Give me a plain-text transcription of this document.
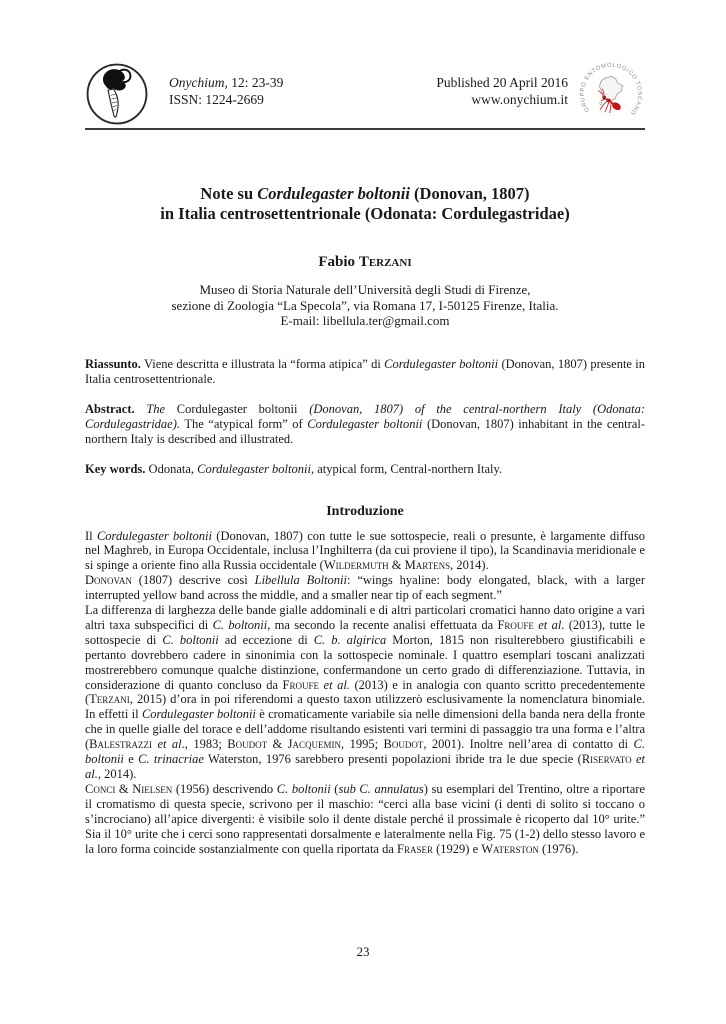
Onychium, 12: 23-39
ISSN: 1224-2669
Published 20 April 2016
www.onychium.it
GRUPPO ENTOMOLOGICO TOSCANO
Note su Cordulegaster boltonii (Donovan, 1807)
in Italia centrosettentrionale (Odonata: Cordulegastridae)
Fabio Terzani
Museo di Storia Naturale dell’Università degli Studi di Firenze,
sezione di Zoologia “La Specola”, via Romana 17, I-50125 Firenze, Italia.
E-mail: libellula.ter@gmail.com
Riassunto. Viene descritta e illustrata la “forma atipica” di Cordulegaster boltonii (Donovan, 1807) presente in Italia centrosettentrionale.
Abstract. The Cordulegaster boltonii (Donovan, 1807) of the central-northern Italy (Odonata: Cordulegastridae). The “atypical form” of Cordulegaster boltonii (Donovan, 1807) inhabitant in the central-northern Italy is described and illustrated.
Key words. Odonata, Cordulegaster boltonii, atypical form, Central-northern Italy.
Introduzione

Il Cordulegaster boltonii (Donovan, 1807) con tutte le sue sottospecie, reali o presunte, è largamente diffuso nel Maghreb, in Europa Occidentale, inclusa l’Inghilterra (da cui proviene il tipo), la Scandinavia meridionale e si spinge a oriente fino alla Russia occidentale (Wildermuth & Martens, 2014).

Donovan (1807) descrive così Libellula Boltonii: “wings hyaline: body elongated, black, with a larger interrupted yellow band across the middle, and a smaller near tip of each segment.”

La differenza di larghezza delle bande gialle addominali e di altri particolari cromatici hanno dato origine a vari altri taxa subspecifici di C. boltonii, ma secondo la recente analisi effettuata da Froufe et al. (2013), tutte le sottospecie di C. boltonii ad eccezione di C. b. algirica Morton, 1815 non risulterebbero giustificabili e pertanto dovrebbero cadere in sinonimia con la sottospecie nominale. I quattro esemplari toscani analizzati mostrerebbero comunque qualche distinzione, confermandone un certo grado di differenziazione. Tuttavia, in considerazione di quanto concluso da Froufe et al. (2013) e in analogia con quanto scritto precedentemente (Terzani, 2015) d’ora in poi riferendomi a questo taxon utilizzerò esclusivamente la nomenclatura binomiale. In effetti il Cordulegaster boltonii è cromaticamente variabile sia nelle dimensioni della banda nera della fronte che in quelle gialle del torace e dell’addome risultando esistenti vari termini di passaggio tra una forma e l’altra (Balestrazzi et al., 1983; Boudot & Jacquemin, 1995; Boudot, 2001). Inoltre nell’area di contatto di C. boltonii e C. trinacriae Waterston, 1976 sarebbero presenti popolazioni ibride tra le due specie (Riservato et al., 2014).

Conci & Nielsen (1956) descrivendo C. boltonii (sub C. annulatus) su esemplari del Trentino, oltre a riportare il cromatismo di questa specie, scrivono per il maschio: “cerci alla base vicini (i denti di solito si toccano o s’incrociano) all’apice divergenti: è visibile solo il dente distale perché il prossimale è ricoperto dal 10° urite.” Sia il 10° urite che i cerci sono rappresentati dorsalmente e lateralmente nella Fig. 75 (1-2) dello stesso lavoro e la loro forma coincide sostanzialmente con quella riportata da Fraser (1929) e Waterston (1976).

23
